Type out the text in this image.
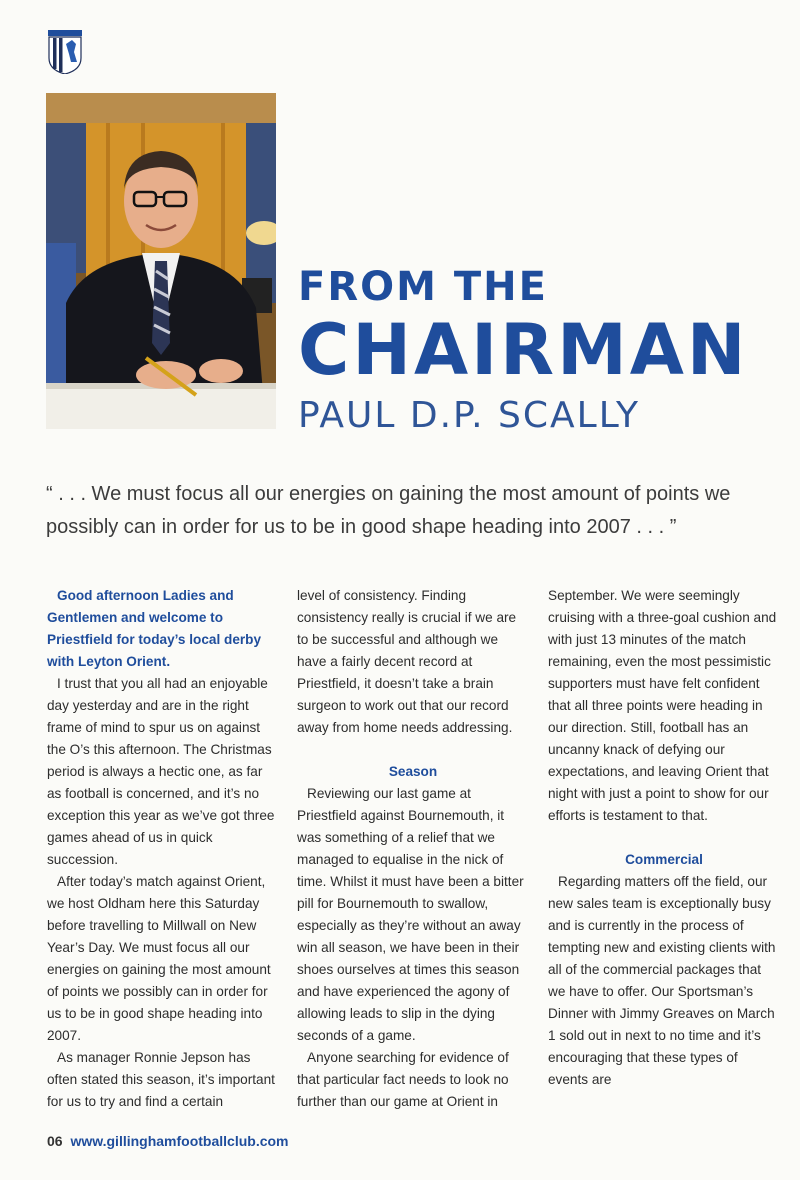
FROM THE
CHAIRMAN
PAUL D.P. SCALLY
“ . . . We must focus all our energies on gaining the most amount of points we possibly can in order for us to be in good shape heading into 2007 . . . ”

Good afternoon Ladies and Gentlemen and welcome to Priestfield for today’s local derby with Leyton Orient.

I trust that you all had an enjoyable day yesterday and are in the right frame of mind to spur us on against the O’s this afternoon. The Christmas period is always a hectic one, as far as football is concerned, and it’s no exception this year as we’ve got three games ahead of us in quick succession.

After today’s match against Orient, we host Oldham here this Saturday before travelling to Millwall on New Year’s Day. We must focus all our energies on gaining the most amount of points we possibly can in order for us to be in good shape heading into 2007.

As manager Ronnie Jepson has often stated this season, it’s important for us to try and find a certain

level of consistency. Finding consistency really is crucial if we are to be successful and although we have a fairly decent record at Priestfield, it doesn’t take a brain surgeon to work out that our record away from home needs addressing.

Season

Reviewing our last game at Priestfield against Bournemouth, it was something of a relief that we managed to equalise in the nick of time. Whilst it must have been a bitter pill for Bournemouth to swallow, especially as they’re without an away win all season, we have been in their shoes ourselves at times this season and have experienced the agony of allowing leads to slip in the dying seconds of a game.

Anyone searching for evidence of that particular fact needs to look no further than our game at Orient in

September. We were seemingly cruising with a three-goal cushion and with just 13 minutes of the match remaining, even the most pessimistic supporters must have felt confident that all three points were heading in our direction. Still, football has an uncanny knack of defying our expectations, and leaving Orient that night with just a point to show for our efforts is testament to that.

Commercial

Regarding matters off the field, our new sales team is exceptionally busy and is currently in the process of tempting new and existing clients with all of the commercial packages that we have to offer. Our Sportsman’s Dinner with Jimmy Greaves on March 1 sold out in next to no time and it’s encouraging that these types of events are

06 www.gillinghamfootballclub.com
